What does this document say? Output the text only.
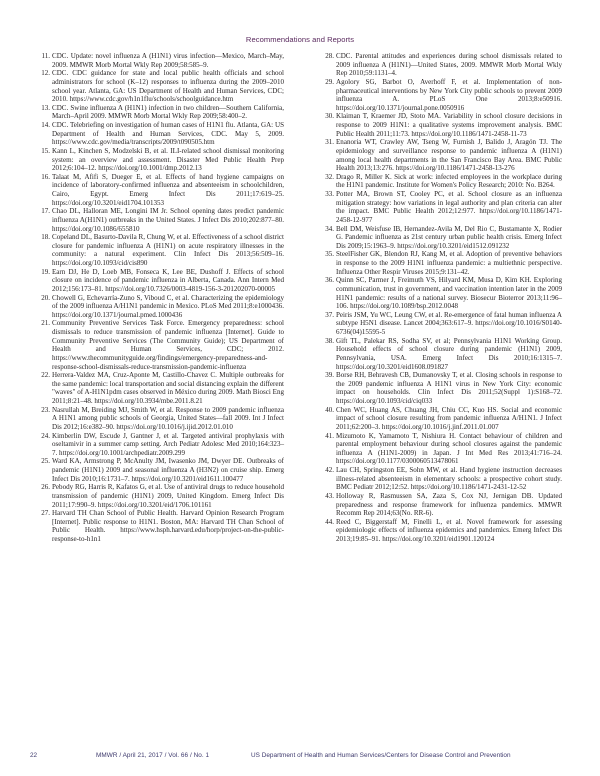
Recommendations and Reports

11. CDC. Update: novel influenza A (H1N1) virus infection—Mexico, March–May, 2009. MMWR Morb Mortal Wkly Rep 2009;58:585–9.

12. CDC. CDC guidance for state and local public health officials and school administrators for school (K–12) responses to influenza during the 2009–2010 school year. Atlanta, GA: US Department of Health and Human Services, CDC; 2010. https://www.cdc.gov/h1n1flu/schools/schoolguidance.htm

13. CDC. Swine influenza A (H1N1) infection in two children—Southern California, March–April 2009. MMWR Morb Mortal Wkly Rep 2009;58:400–2.

14. CDC. Telebriefing on investigation of human cases of H1N1 flu. Atlanta, GA: US Department of Health and Human Services, CDC. May 5, 2009. https://www.cdc.gov/media/transcripts/2009/t090505.htm

15. Kann L, Kinchen S, Modzelski B, et al. ILI-related school dismissal monitoring system: an overview and assessment. Disaster Med Public Health Prep 2012;6:104–12. https://doi.org/10.1001/dmp.2012.13

16. Talaat M, Afifi S, Dueger E, et al. Effects of hand hygiene campaigns on incidence of laboratory-confirmed influenza and absenteeism in schoolchildren, Cairo, Egypt. Emerg Infect Dis 2011;17:619–25. https://doi.org/10.3201/eid1704.101353

17. Chao DL, Halloran ME, Longini IM Jr. School opening dates predict pandemic influenza A(H1N1) outbreaks in the United States. J Infect Dis 2010;202:877–80. https://doi.org/10.1086/655810

18. Copeland DL, Basurto-Davila R, Chung W, et al. Effectiveness of a school district closure for pandemic influenza A (H1N1) on acute respiratory illnesses in the community: a natural experiment. Clin Infect Dis 2013;56:509–16. https://doi.org/10.1093/cid/cis890

19. Earn DJ, He D, Loeb MB, Fonseca K, Lee BE, Dushoff J. Effects of school closure on incidence of pandemic influenza in Alberta, Canada. Ann Intern Med 2012;156:173–81. https://doi.org/10.7326/0003-4819-156-3-201202070-00005

20. Chowell G, Echevarría-Zuno S, Viboud C, et al. Characterizing the epidemiology of the 2009 influenza A/H1N1 pandemic in Mexico. PLoS Med 2011;8:e1000436. https://doi.org/10.1371/journal.pmed.1000436

21. Community Preventive Services Task Force. Emergency preparedness: school dismissals to reduce transmission of pandemic influenza [Internet]. Guide to Community Preventive Services (The Community Guide); US Department of Health and Human Services, CDC; 2012. https://www.thecommunityguide.org/findings/emergency-preparedness-and-response-school-dismissals-reduce-transmission-pandemic-influenza

22. Herrera-Valdez MA, Cruz-Aponte M, Castillo-Chavez C. Multiple outbreaks for the same pandemic: local transportation and social distancing explain the different "waves" of A-H1N1pdm cases observed in México during 2009. Math Biosci Eng 2011;8:21–48. https://doi.org/10.3934/mbe.2011.8.21

23. Nasrullah M, Breiding MJ, Smith W, et al. Response to 2009 pandemic influenza A H1N1 among public schools of Georgia, United States—fall 2009. Int J Infect Dis 2012;16:e382–90. https://doi.org/10.1016/j.ijid.2012.01.010

24. Kimberlin DW, Escude J, Gantner J, et al. Targeted antiviral prophylaxis with oseltamivir in a summer camp setting. Arch Pediatr Adolesc Med 2010;164:323–7. https://doi.org/10.1001/archpediatr.2009.299

25. Ward KA, Armstrong P, McAnulty JM, Iwasenko JM, Dwyer DE. Outbreaks of pandemic (H1N1) 2009 and seasonal influenza A (H3N2) on cruise ship. Emerg Infect Dis 2010;16:1731–7. https://doi.org/10.3201/eid1611.100477

26. Pebody RG, Harris R, Kafatos G, et al. Use of antiviral drugs to reduce household transmission of pandemic (H1N1) 2009, United Kingdom. Emerg Infect Dis 2011;17:990–9. https://doi.org/10.3201/eid/1706.101161

27. Harvard TH Chan School of Public Health. Harvard Opinion Research Program [Internet]. Public response to H1N1. Boston, MA: Harvard TH Chan School of Public Health. https://www.hsph.harvard.edu/horp/project-on-the-public-response-to-h1n1

28. CDC. Parental attitudes and experiences during school dismissals related to 2009 influenza A (H1N1)—United States, 2009. MMWR Morb Mortal Wkly Rep 2010;59:1131–4.

29. Agolory SG, Barbot O, Averhoff F, et al. Implementation of non-pharmaceutical interventions by New York City public schools to prevent 2009 influenza A. PLoS One 2013;8:e50916. https://doi.org/10.1371/journal.pone.0050916

30. Klaiman T, Kraemer JD, Stoto MA. Variability in school closure decisions in response to 2009 H1N1: a qualitative systems improvement analysis. BMC Public Health 2011;11:73. https://doi.org/10.1186/1471-2458-11-73

31. Enanoria WT, Crawley AW, Tseng W, Furnish J, Balido J, Aragón TJ. The epidemiology and surveillance response to pandemic influenza A (H1N1) among local health departments in the San Francisco Bay Area. BMC Public Health 2013;13:276. https://doi.org/10.1186/1471-2458-13-276

32. Drago R, Miller K. Sick at work: infected employees in the workplace during the H1N1 pandemic. Institute for Women's Policy Research; 2010: No. B264.

33. Potter MA, Brown ST, Cooley PC, et al. School closure as an influenza mitigation strategy: how variations in legal authority and plan criteria can alter the impact. BMC Public Health 2012;12:977. https://doi.org/10.1186/1471-2458-12-977

34. Bell DM, Weisfuse IB, Hernandez-Avila M, Del Rio C, Bustamante X, Rodier G. Pandemic influenza as 21st century urban public health crisis. Emerg Infect Dis 2009;15:1963–9. https://doi.org/10.3201/eid1512.091232

35. SteelFisher GK, Blendon RJ, Kang M, et al. Adoption of preventive behaviors in response to the 2009 H1N1 influenza pandemic: a multiethnic perspective. Influenza Other Respir Viruses 2015;9:131–42.

36. Quinn SC, Parmer J, Freimuth VS, Hilyard KM, Musa D, Kim KH. Exploring communication, trust in government, and vaccination intention later in the 2009 H1N1 pandemic: results of a national survey. Biosecur Bioterror 2013;11:96–106. https://doi.org/10.1089/bsp.2012.0048

37. Peiris JSM, Yu WC, Leung CW, et al. Re-emergence of fatal human influenza A subtype H5N1 disease. Lancet 2004;363:617–9. https://doi.org/10.1016/S0140-6736(04)15595-5

38. Gift TL, Palekar RS, Sodha SV, et al; Pennsylvania H1N1 Working Group. Household effects of school closure during pandemic (H1N1) 2009, Pennsylvania, USA. Emerg Infect Dis 2010;16:1315–7. https://doi.org/10.3201/eid1608.091827

39. Borse RH, Behravesh CB, Dumanovsky T, et al. Closing schools in response to the 2009 pandemic influenza A H1N1 virus in New York City: economic impact on households. Clin Infect Dis 2011;52(Suppl 1):S168–72. https://doi.org/10.1093/cid/ciq033

40. Chen WC, Huang AS, Chuang JH, Chiu CC, Kuo HS. Social and economic impact of school closure resulting from pandemic influenza A/H1N1. J Infect 2011;62:200–3. https://doi.org/10.1016/j.jinf.2011.01.007

41. Mizumoto K, Yamamoto T, Nishiura H. Contact behaviour of children and parental employment behaviour during school closures against the pandemic influenza A (H1N1-2009) in Japan. J Int Med Res 2013;41:716–24. https://doi.org/10.1177/0300060513478061

42. Lau CH, Springston EE, Sohn MW, et al. Hand hygiene instruction decreases illness-related absenteeism in elementary schools: a prospective cohort study. BMC Pediatr 2012;12:52. https://doi.org/10.1186/1471-2431-12-52

43. Holloway R, Rasmussen SA, Zaza S, Cox NJ, Jernigan DB. Updated preparedness and response framework for influenza pandemics. MMWR Recomm Rep 2014;63(No. RR-6).

44. Reed C, Biggerstaff M, Finelli L, et al. Novel framework for assessing epidemiologic effects of influenza epidemics and pandemics. Emerg Infect Dis 2013;19:85–91. https://doi.org/10.3201/eid1901.120124

22	MMWR / April 21, 2017 / Vol. 66 / No. 1	US Department of Health and Human Services/Centers for Disease Control and Prevention
